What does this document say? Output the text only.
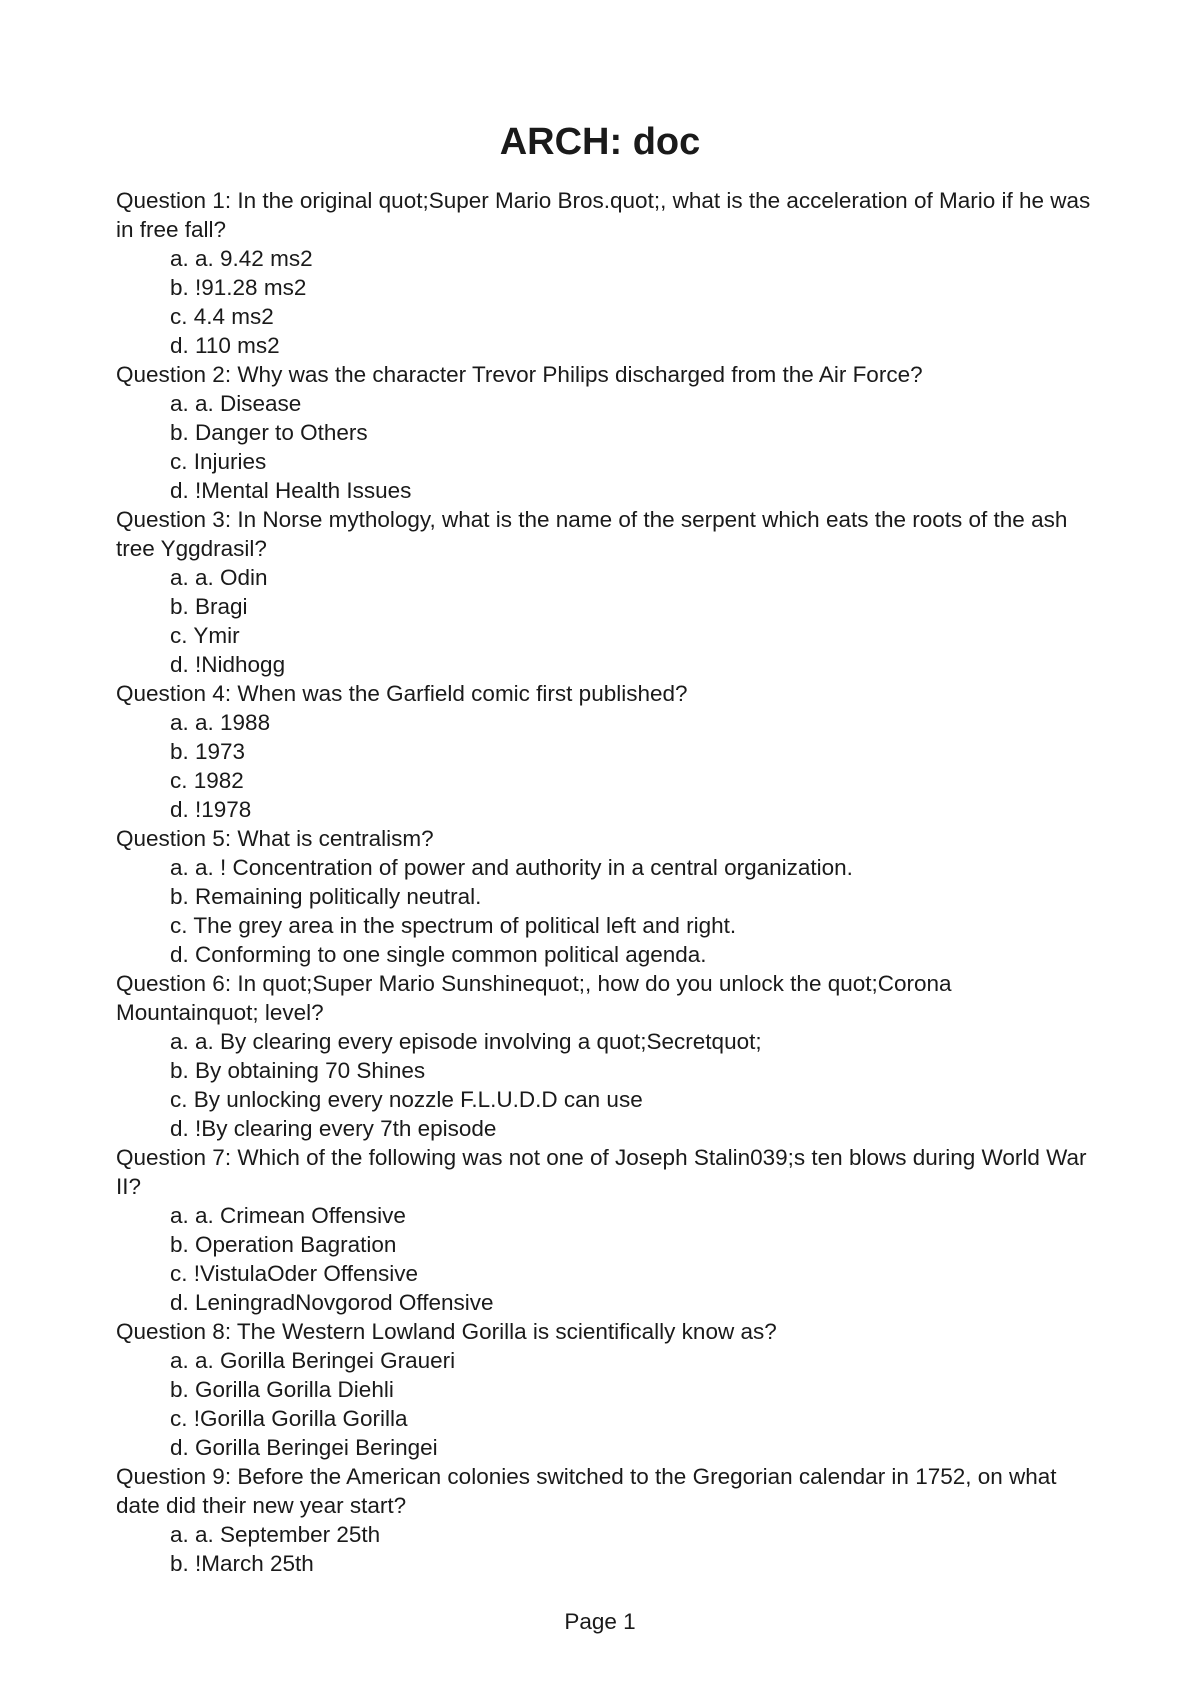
ARCH: doc

Question 1: In the original quot;Super Mario Bros.quot;, what is the acceleration of Mario if he was in free fall?

a. a. 9.42 ms2
b. !91.28 ms2
c. 4.4 ms2
d. 110 ms2

Question 2: Why was the character Trevor Philips discharged from the Air Force?

a. a. Disease
b. Danger to Others
c. Injuries
d. !Mental Health Issues

Question 3: In Norse mythology, what is the name of the serpent which eats the roots of the ash tree Yggdrasil?

a. a. Odin
b. Bragi
c. Ymir
d. !Nidhogg

Question 4: When was the Garfield comic first published?

a. a. 1988
b. 1973
c. 1982
d. !1978

Question 5: What is centralism?

a. a. ! Concentration of power and authority in a central organization.
b. Remaining politically neutral.
c. The grey area in the spectrum of political left and right.
d. Conforming to one single common political agenda.

Question 6: In quot;Super Mario Sunshinequot;, how do you unlock the quot;Corona Mountainquot; level?

a. a. By clearing every episode involving a quot;Secretquot;
b. By obtaining 70 Shines
c. By unlocking every nozzle F.L.U.D.D can use
d. !By clearing every 7th episode

Question 7: Which of the following was not one of Joseph Stalin039;s ten blows during World War II?

a. a. Crimean Offensive
b. Operation Bagration
c. !VistulaOder Offensive
d. LeningradNovgorod Offensive

Question 8: The Western Lowland Gorilla is scientifically know as?

a. a. Gorilla Beringei Graueri
b. Gorilla Gorilla Diehli
c. !Gorilla Gorilla Gorilla
d. Gorilla Beringei Beringei

Question 9: Before the American colonies switched to the Gregorian calendar in 1752, on what date did their new year start?

a. a. September 25th
b. !March 25th
Page 1
